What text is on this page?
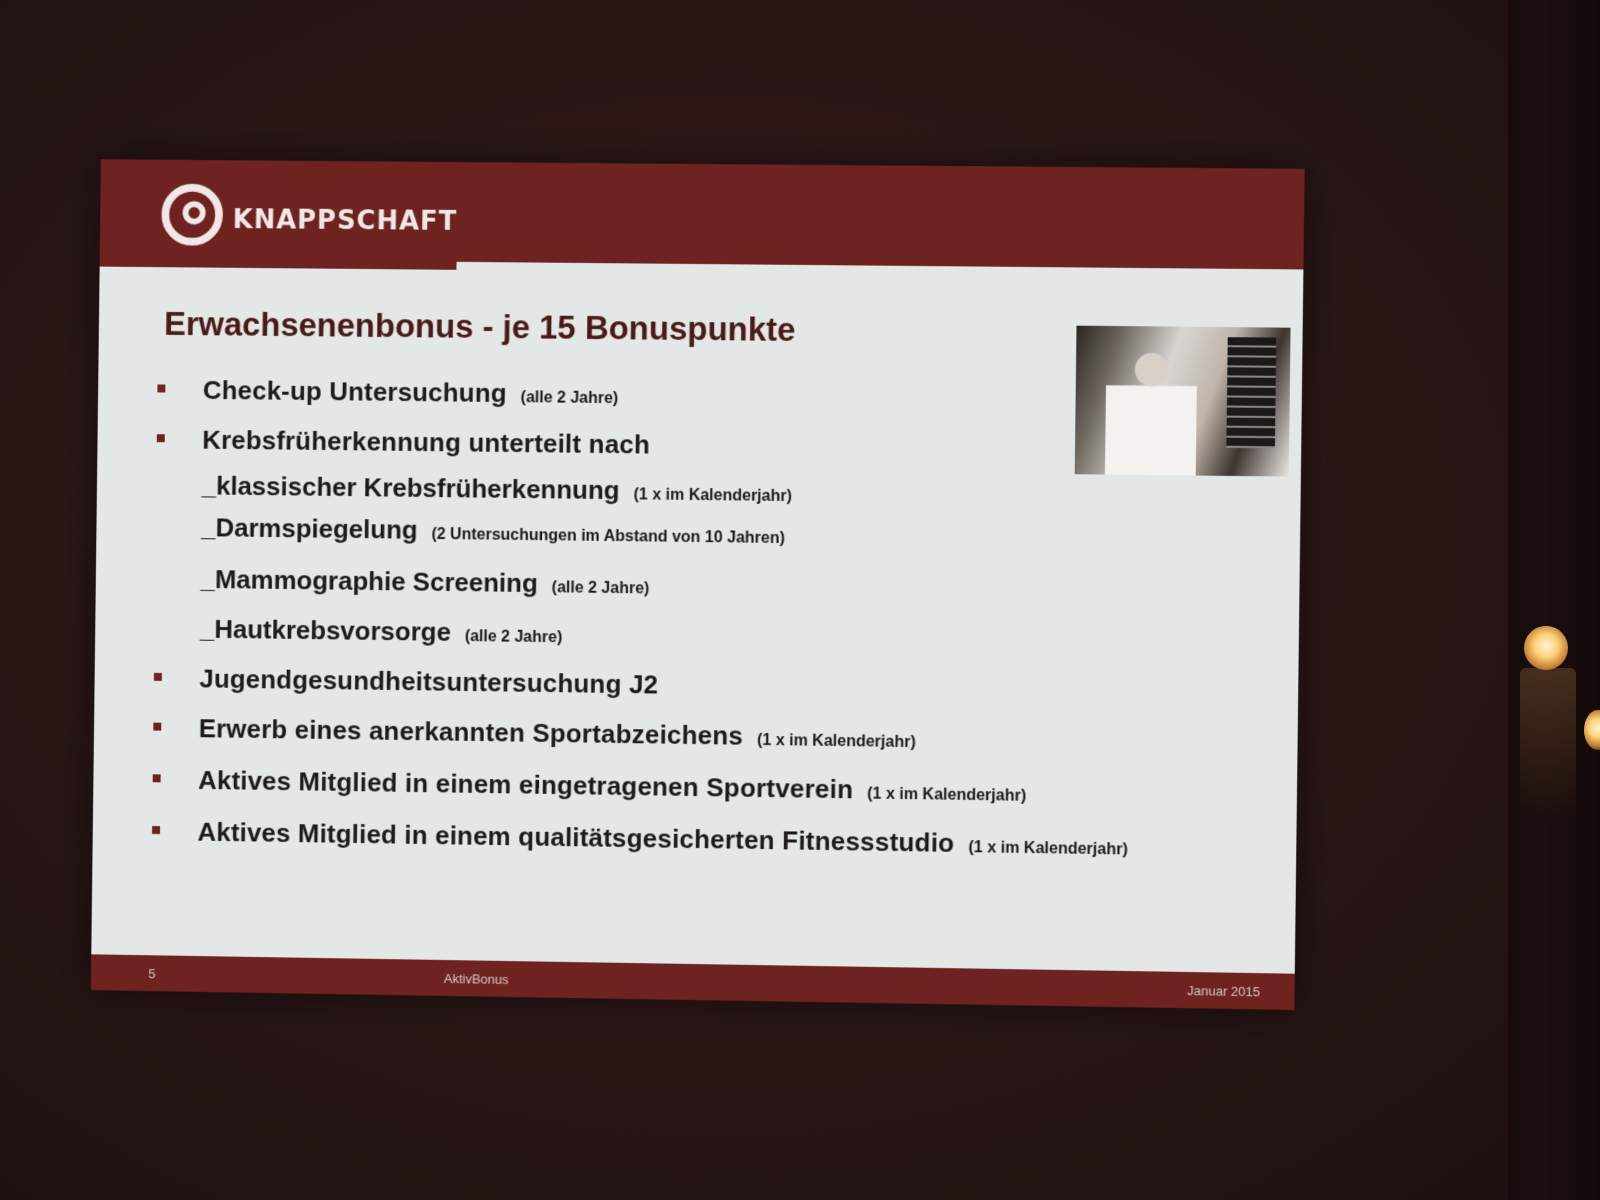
KNAPPSCHAFT
Erwachsenenbonus - je 15 Bonuspunkte
Check-up Untersuchung (alle 2 Jahre)
Krebsfrüherkennung unterteilt nach
_klassischer Krebsfrüherkennung (1 x im Kalenderjahr)
_Darmspiegelung (2 Untersuchungen im Abstand von 10 Jahren)
_Mammographie Screening (alle 2 Jahre)
_Hautkrebsvorsorge (alle 2 Jahre)
Jugendgesundheitsuntersuchung J2
Erwerb eines anerkannten Sportabzeichens (1 x im Kalenderjahr)
Aktives Mitglied in einem eingetragenen Sportverein (1 x im Kalenderjahr)
Aktives Mitglied in einem qualitätsgesicherten Fitnessstudio (1 x im Kalenderjahr)
5	AktivBonus
Januar 2015
